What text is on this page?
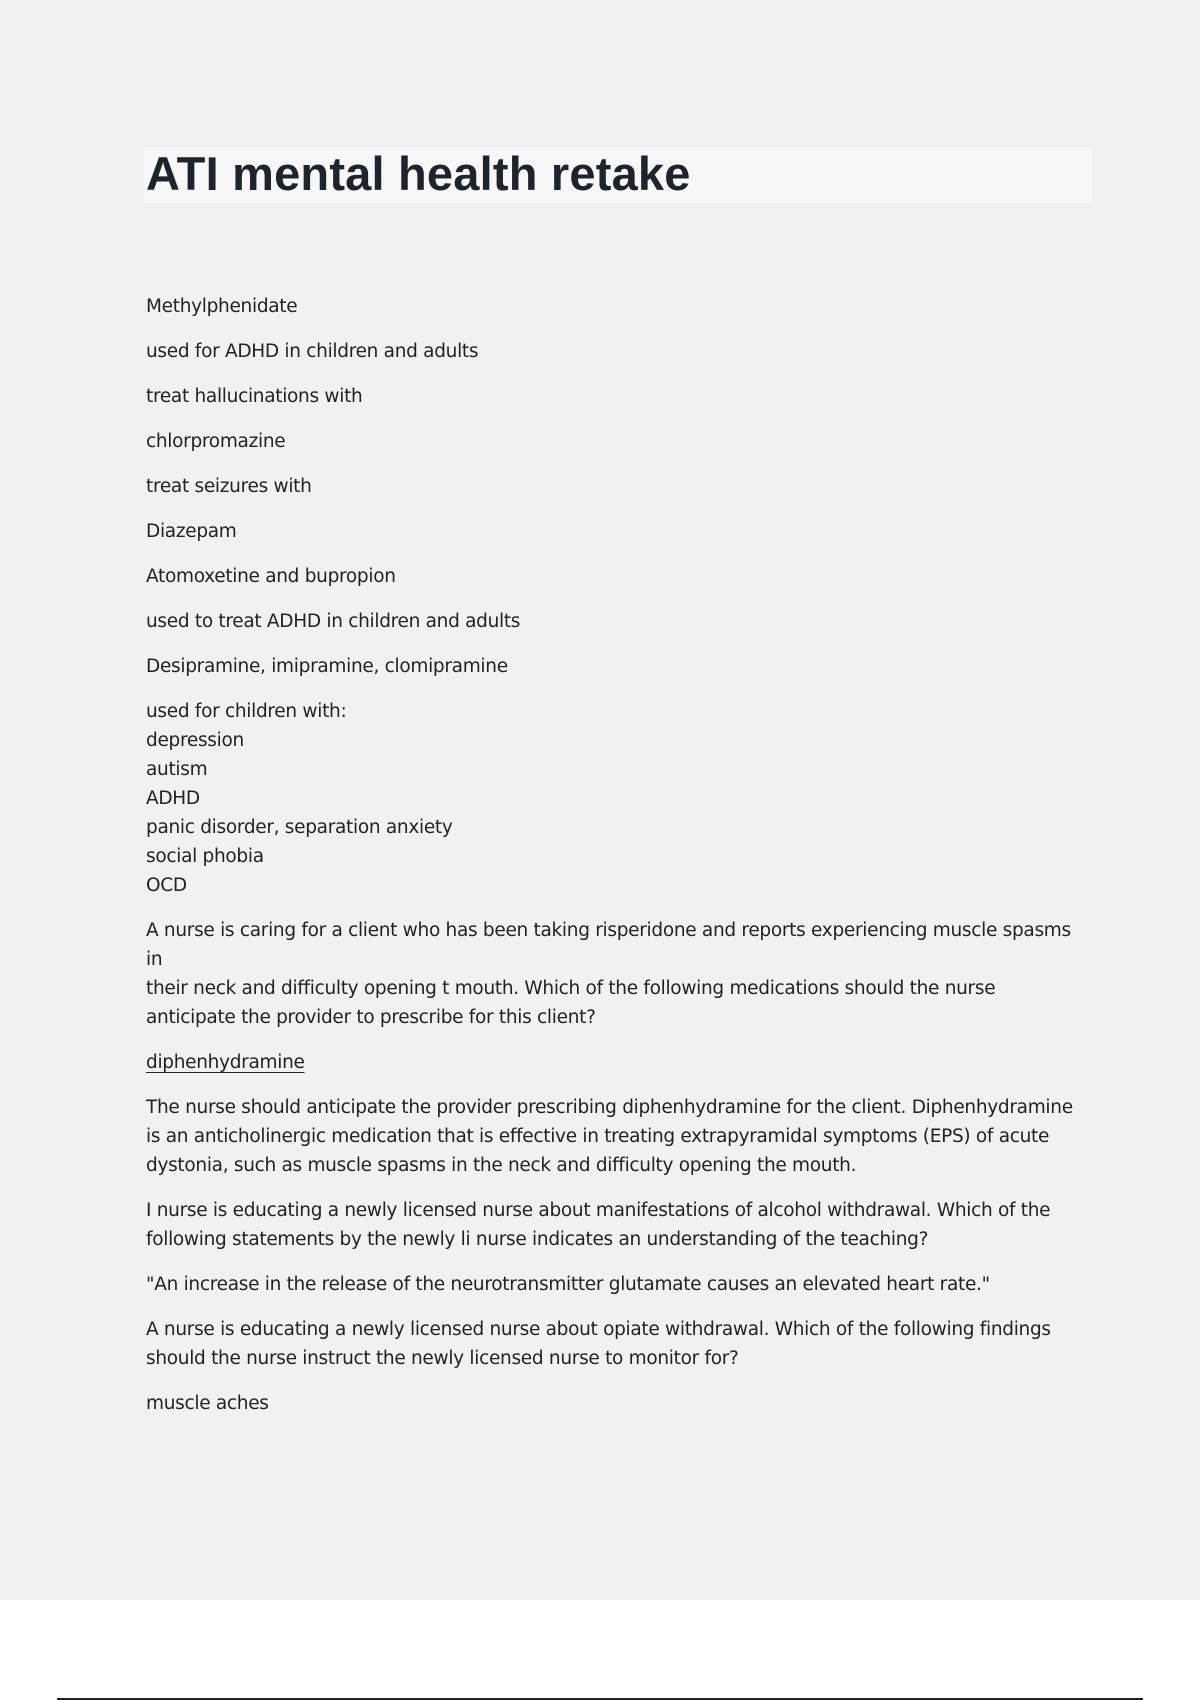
ATI mental health retake

Methylphenidate

used for ADHD in children and adults

treat hallucinations with

chlorpromazine

treat seizures with

Diazepam

Atomoxetine and bupropion

used to treat ADHD in children and adults

Desipramine, imipramine, clomipramine

used for children with:
depression
autism
ADHD
panic disorder, separation anxiety
social phobia
OCD

A nurse is caring for a client who has been taking risperidone and reports experiencing muscle spasms in
their neck and difficulty opening t mouth. Which of the following medications should the nurse
anticipate the provider to prescribe for this client?

diphenhydramine

The nurse should anticipate the provider prescribing diphenhydramine for the client. Diphenhydramine
is an anticholinergic medication that is effective in treating extrapyramidal symptoms (EPS) of acute
dystonia, such as muscle spasms in the neck and difficulty opening the mouth.

I nurse is educating a newly licensed nurse about manifestations of alcohol withdrawal. Which of the
following statements by the newly li nurse indicates an understanding of the teaching?

"An increase in the release of the neurotransmitter glutamate causes an elevated heart rate."

A nurse is educating a newly licensed nurse about opiate withdrawal. Which of the following findings
should the nurse instruct the newly licensed nurse to monitor for?

muscle aches
